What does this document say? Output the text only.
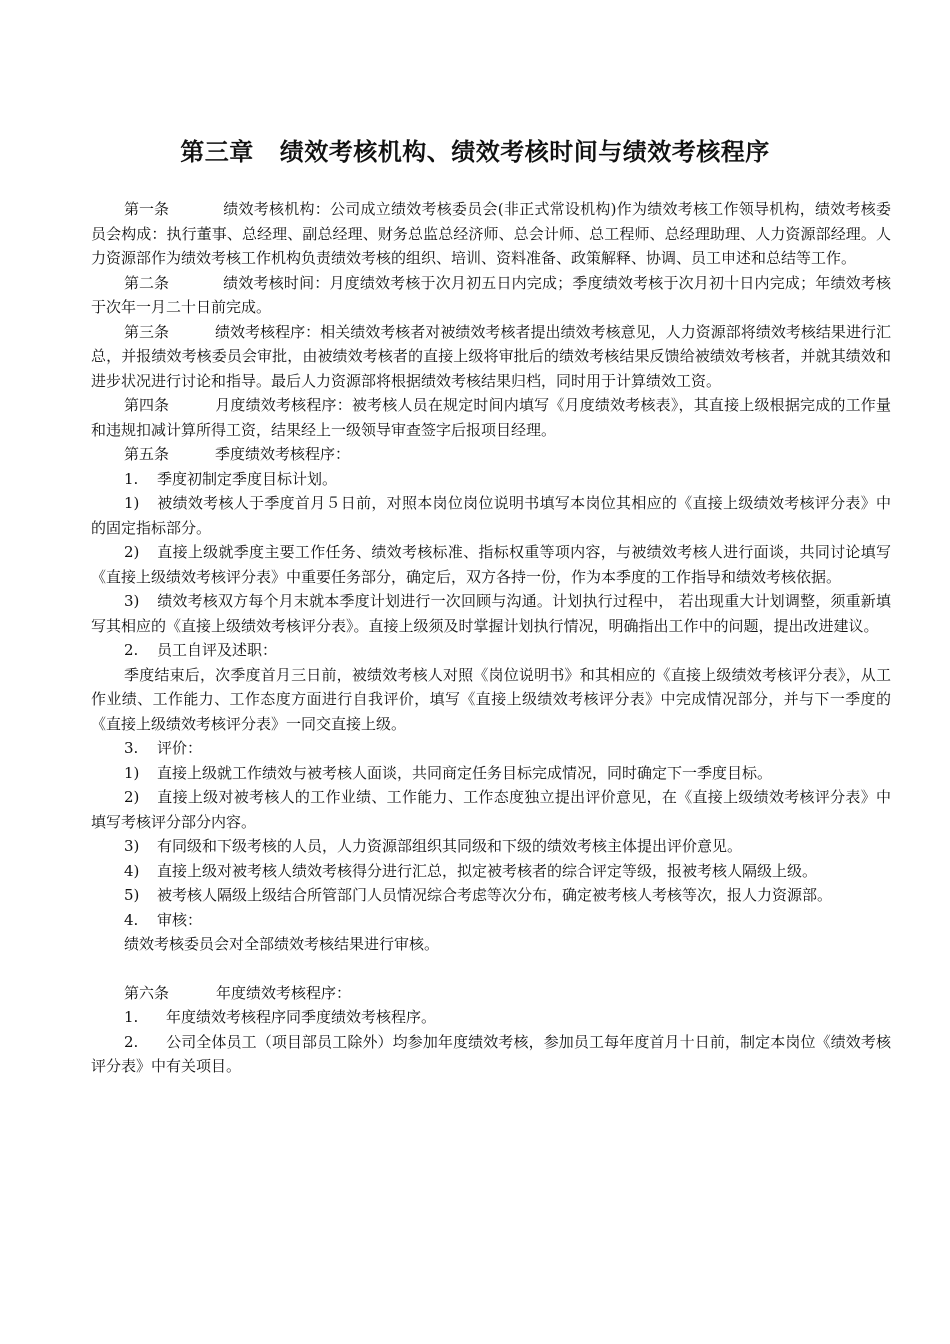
第三章 绩效考核机构、绩效考核时间与绩效考核程序

第一条	绩效考核机构：公司成立绩效考核委员会(非正式常设机构)作为绩效考核工作领导机构，绩效考核委员会构成：执行董事、总经理、副总经理、财务总监总经济师、总会计师、总工程师、总经理助理、人力资源部经理。人力资源部作为绩效考核工作机构负责绩效考核的组织、培训、资料准备、政策解释、协调、员工申述和总结等工作。

第二条	绩效考核时间：月度绩效考核于次月初五日内完成；季度绩效考核于次月初十日内完成；年绩效考核于次年一月二十日前完成。

第三条	绩效考核程序：相关绩效考核者对被绩效考核者提出绩效考核意见，人力资源部将绩效考核结果进行汇总，并报绩效考核委员会审批，由被绩效考核者的直接上级将审批后的绩效考核结果反馈给被绩效考核者，并就其绩效和进步状况进行讨论和指导。最后人力资源部将根据绩效考核结果归档，同时用于计算绩效工资。

第四条	月度绩效考核程序：被考核人员在规定时间内填写《月度绩效考核表》，其直接上级根据完成的工作量和违规扣减计算所得工资，结果经上一级领导审查签字后报项目经理。

第五条	季度绩效考核程序：

1. 季度初制定季度目标计划。

1) 被绩效考核人于季度首月５日前，对照本岗位岗位说明书填写本岗位其相应的《直接上级绩效考核评分表》中的固定指标部分。

2) 直接上级就季度主要工作任务、绩效考核标准、指标权重等项内容，与被绩效考核人进行面谈，共同讨论填写《直接上级绩效考核评分表》中重要任务部分，确定后，双方各持一份，作为本季度的工作指导和绩效考核依据。

3) 绩效考核双方每个月末就本季度计划进行一次回顾与沟通。计划执行过程中， 若出现重大计划调整，须重新填写其相应的《直接上级绩效考核评分表》。直接上级须及时掌握计划执行情况，明确指出工作中的问题，提出改进建议。

2. 员工自评及述职：

季度结束后，次季度首月三日前，被绩效考核人对照《岗位说明书》和其相应的《直接上级绩效考核评分表》，从工作业绩、工作能力、工作态度方面进行自我评价，填写《直接上级绩效考核评分表》中完成情况部分，并与下一季度的《直接上级绩效考核评分表》一同交直接上级。

3. 评价：

1) 直接上级就工作绩效与被考核人面谈，共同商定任务目标完成情况，同时确定下一季度目标。

2) 直接上级对被考核人的工作业绩、工作能力、工作态度独立提出评价意见，在《直接上级绩效考核评分表》中填写考核评分部分内容。

3) 有同级和下级考核的人员，人力资源部组织其同级和下级的绩效考核主体提出评价意见。

4) 直接上级对被考核人绩效考核得分进行汇总，拟定被考核者的综合评定等级，报被考核人隔级上级。

5) 被考核人隔级上级结合所管部门人员情况综合考虑等次分布，确定被考核人考核等次，报人力资源部。

4. 审核：

绩效考核委员会对全部绩效考核结果进行审核。

第六条	年度绩效考核程序：

1. 年度绩效考核程序同季度绩效考核程序。

2. 公司全体员工（项目部员工除外）均参加年度绩效考核，参加员工每年度首月十日前，制定本岗位《绩效考核评分表》中有关项目。
